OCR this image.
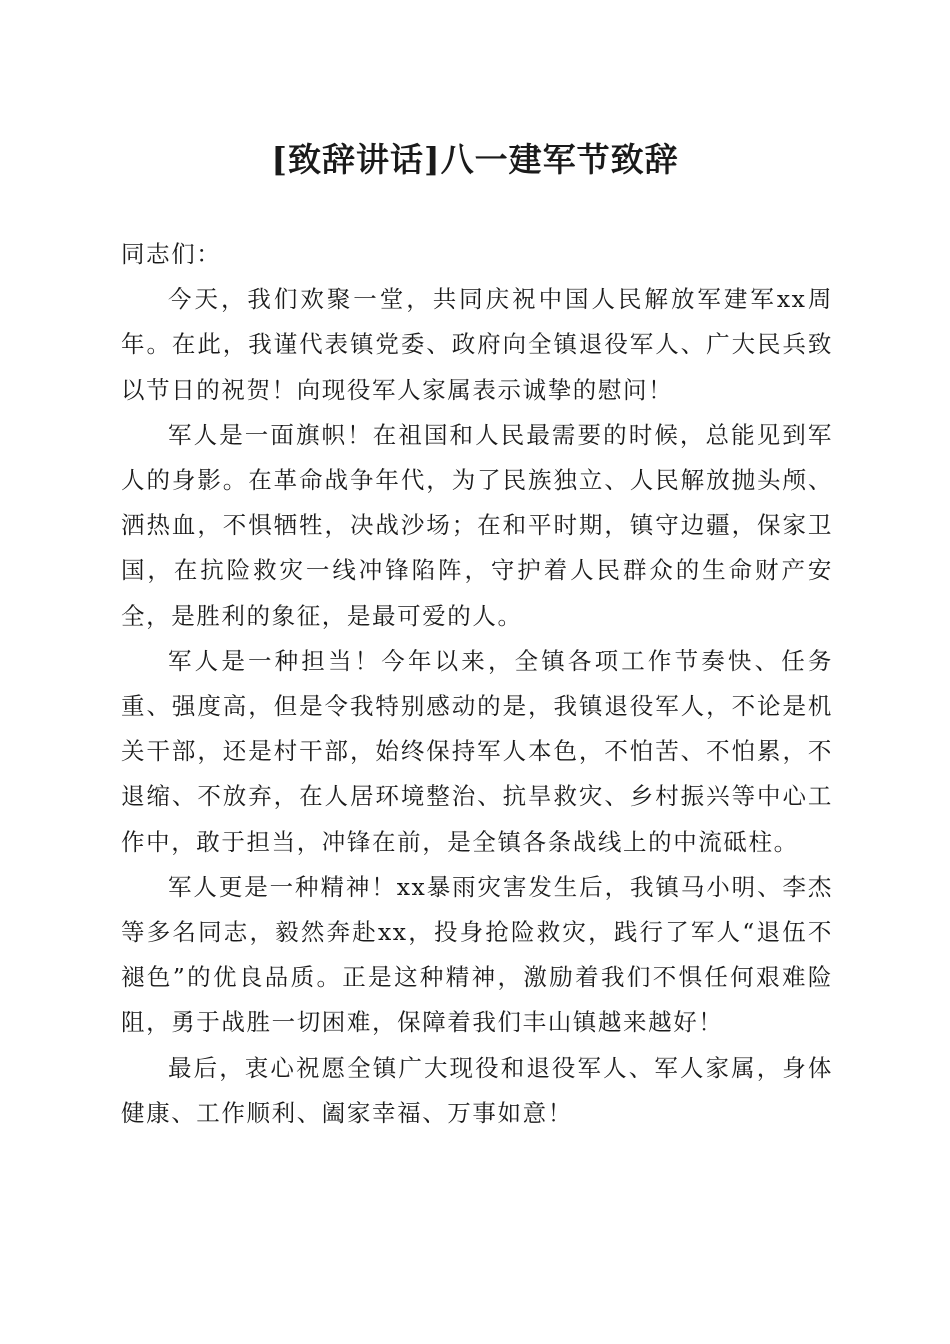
[致辞讲话]八一建军节致辞

同志们：

今天，我们欢聚一堂，共同庆祝中国人民解放军建军xx周年。在此，我谨代表镇党委、政府向全镇退役军人、广大民兵致以节日的祝贺！向现役军人家属表示诚挚的慰问！

军人是一面旗帜！在祖国和人民最需要的时候，总能见到军人的身影。在革命战争年代，为了民族独立、人民解放抛头颅、洒热血，不惧牺牲，决战沙场；在和平时期，镇守边疆，保家卫国，在抗险救灾一线冲锋陷阵，守护着人民群众的生命财产安全，是胜利的象征，是最可爱的人。

军人是一种担当！今年以来，全镇各项工作节奏快、任务重、强度高，但是令我特别感动的是，我镇退役军人，不论是机关干部，还是村干部，始终保持军人本色，不怕苦、不怕累，不退缩、不放弃，在人居环境整治、抗旱救灾、乡村振兴等中心工作中，敢于担当，冲锋在前，是全镇各条战线上的中流砥柱。

军人更是一种精神！xx暴雨灾害发生后，我镇马小明、李杰等多名同志，毅然奔赴xx，投身抢险救灾，践行了军人“退伍不褪色”的优良品质。正是这种精神，激励着我们不惧任何艰难险阻，勇于战胜一切困难，保障着我们丰山镇越来越好！

最后，衷心祝愿全镇广大现役和退役军人、军人家属，身体健康、工作顺利、阖家幸福、万事如意！
